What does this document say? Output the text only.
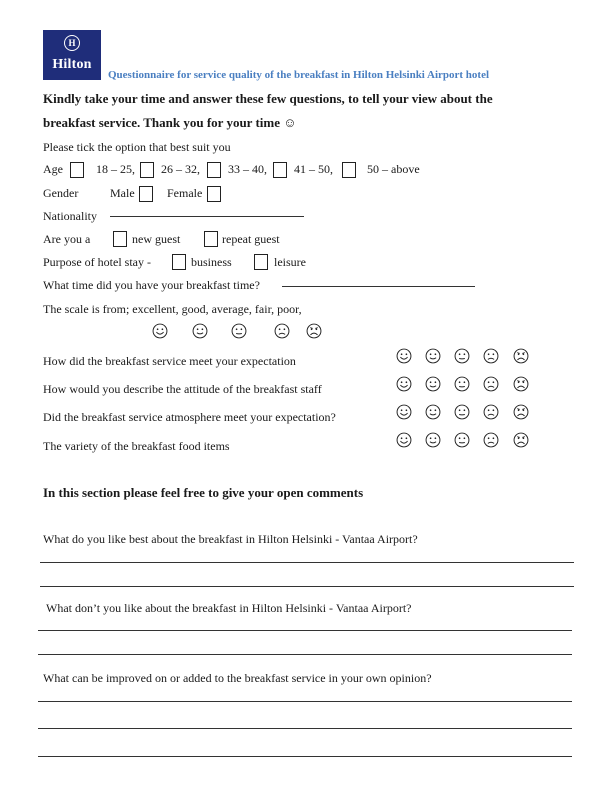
H
Hilton
Questionnaire for service quality of the breakfast in Hilton Helsinki Airport hotel
Kindly take your time and answer these few questions, to tell your view about the
breakfast service. Thank you for your time ☺
Please tick the option that best suit you
Age	18 – 25, 26 – 32, 33 – 40, 41 – 50,	50 – above
Gender	Male	Female
Nationality
Are you a	new guest	repeat guest
Purpose of hotel stay -	business	leisure
What time did you have your breakfast time?
The scale is from; excellent, good, average, fair, poor,
How did the breakfast service meet your expectation
How would you describe the attitude of the breakfast staff
Did the breakfast service atmosphere meet your expectation?
The variety of the breakfast food items
In this section please feel free to give your open comments
What do you like best about the breakfast in Hilton Helsinki - Vantaa Airport?
What don’t you like about the breakfast in Hilton Helsinki - Vantaa Airport?
What can be improved on or added to the breakfast service in your own opinion?
